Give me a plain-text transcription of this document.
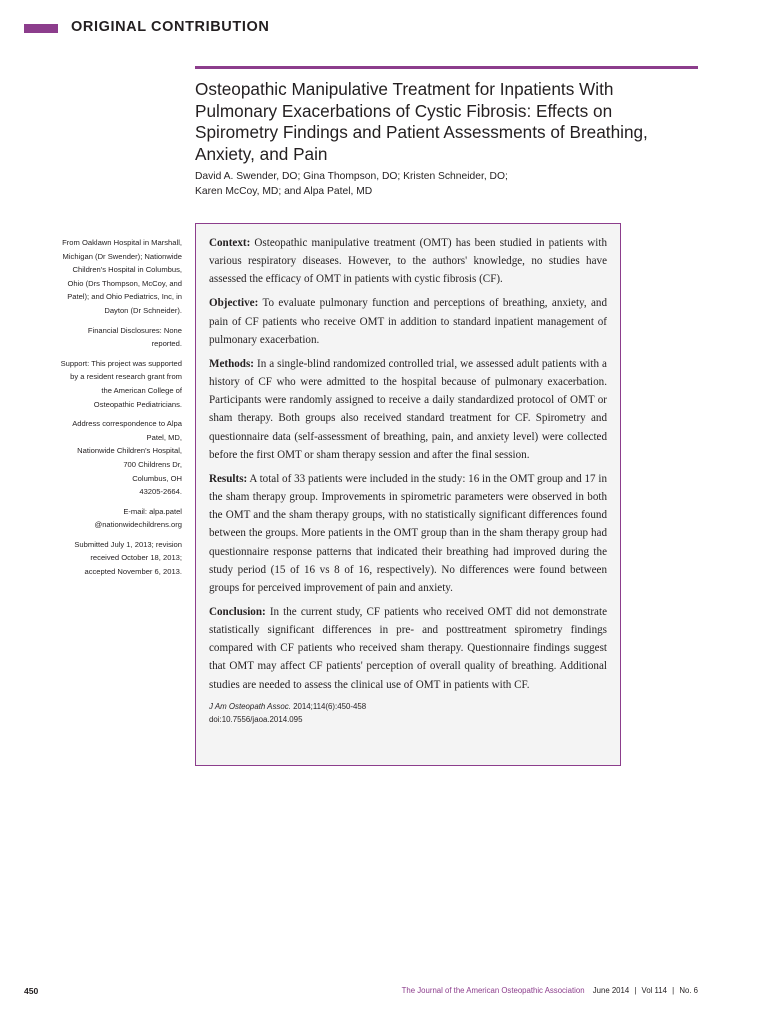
ORIGINAL CONTRIBUTION
Osteopathic Manipulative Treatment for Inpatients With Pulmonary Exacerbations of Cystic Fibrosis: Effects on Spirometry Findings and Patient Assessments of Breathing, Anxiety, and Pain
David A. Swender, DO; Gina Thompson, DO; Kristen Schneider, DO;
Karen McCoy, MD; and Alpa Patel, MD

From Oaklawn Hospital in Marshall, Michigan (Dr Swender); Nationwide Children's Hospital in Columbus, Ohio (Drs Thompson, McCoy, and Patel); and Ohio Pediatrics, Inc, in Dayton (Dr Schneider).

Financial Disclosures: None reported.

Support: This project was supported by a resident research grant from the American College of Osteopathic Pediatricians.

Address correspondence to Alpa Patel, MD,
Nationwide Children's Hospital,
700 Childrens Dr,
Columbus, OH
43205-2664.

E-mail: alpa.patel
@nationwidechildrens.org

Submitted July 1, 2013; revision received October 18, 2013; accepted November 6, 2013.

Context: Osteopathic manipulative treatment (OMT) has been studied in patients with various respiratory diseases. However, to the authors' knowledge, no studies have assessed the efficacy of OMT in patients with cystic fibrosis (CF).

Objective: To evaluate pulmonary function and perceptions of breathing, anxiety, and pain of CF patients who receive OMT in addition to standard inpatient management of pulmonary exacerbation.

Methods: In a single-blind randomized controlled trial, we assessed adult patients with a history of CF who were admitted to the hospital because of pulmonary exacerbation. Participants were randomly assigned to receive a daily standardized protocol of OMT or sham therapy. Both groups also received standard treatment for CF. Spirometry and questionnaire data (self-assessment of breathing, pain, and anxiety level) were collected before the first OMT or sham therapy session and after the final session.

Results: A total of 33 patients were included in the study: 16 in the OMT group and 17 in the sham therapy group. Improvements in spirometric parameters were observed in both the OMT and the sham therapy groups, with no statistically significant differences found between the groups. More patients in the OMT group than in the sham therapy group had questionnaire response patterns that indicated their breathing had improved during the study period (15 of 16 vs 8 of 16, respectively). No differences were found between groups for perceived improvement of pain and anxiety.

Conclusion: In the current study, CF patients who received OMT did not demonstrate statistically significant differences in pre- and posttreatment spirometry findings compared with CF patients who received sham therapy. Questionnaire findings suggest that OMT may affect CF patients' perception of overall quality of breathing. Additional studies are needed to assess the clinical use of OMT in patients with CF.

J Am Osteopath Assoc. 2014;114(6):450-458
doi:10.7556/jaoa.2014.095
450	The Journal of the American Osteopathic Association June 2014 | Vol 114 | No. 6
